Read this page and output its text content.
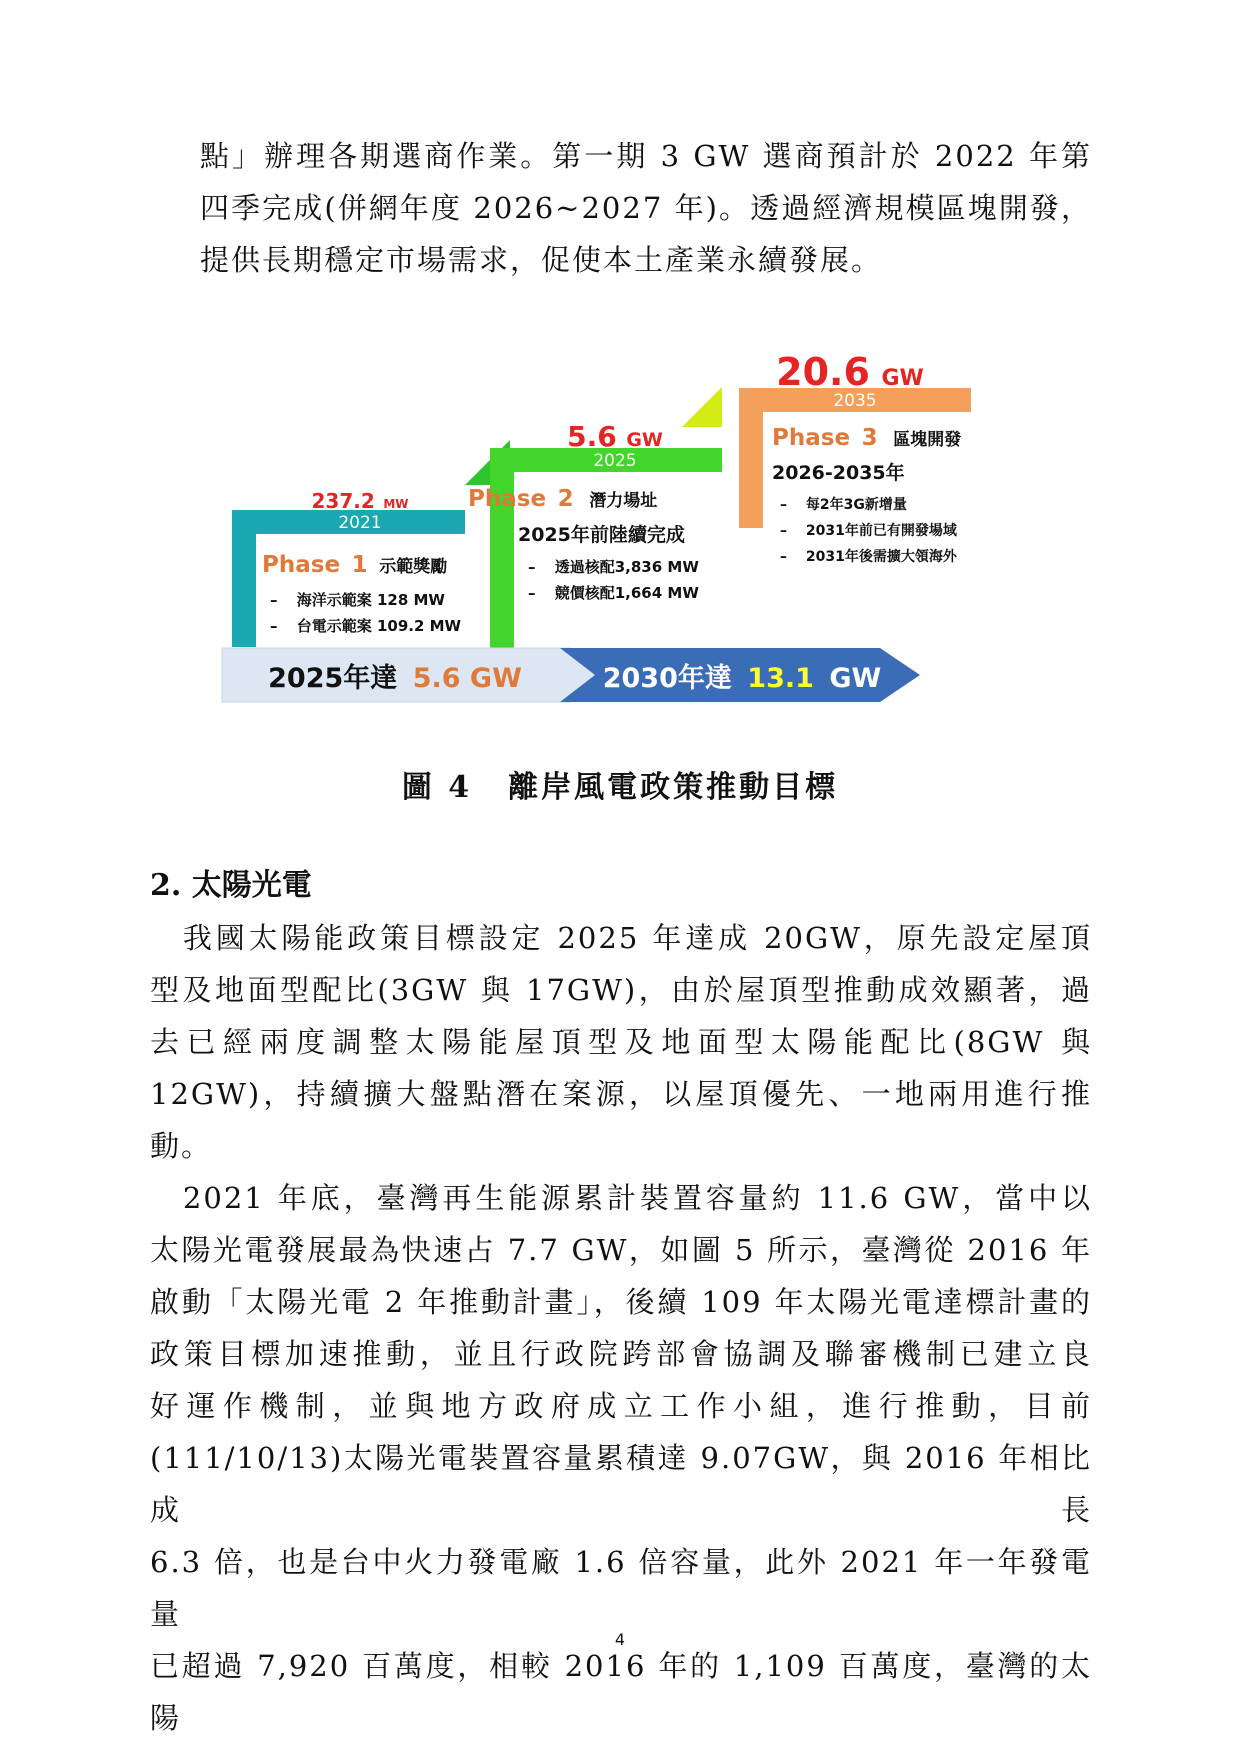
點」辦理各期選商作業。第一期 3 GW 選商預計於 2022 年第
四季完成(併網年度 2026~2027 年)。透過經濟規模區塊開發，
提供長期穩定市場需求，促使本土產業永續發展。
2021
2025
2035
237.2 MW
5.6 GW
20.6 GW
Phase 1 示範獎勵
– 海洋示範案 128 MW
– 台電示範案 109.2 MW
Phase 2 潛力場址
2025年前陸續完成
– 透過核配3,836 MW
– 競價核配1,664 MW
Phase 3 區塊開發
2026-2035年
– 每2年3G新增量
– 2031年前已有開發場域
– 2031年後需擴大領海外
2025年達 5.6 GW	2030年達 13.1 GW
圖 4 離岸風電政策推動目標
2. 太陽光電
　我國太陽能政策目標設定 2025 年達成 20GW，原先設定屋頂
型及地面型配比(3GW 與 17GW)，由於屋頂型推動成效顯著，過
去已經兩度調整太陽能屋頂型及地面型太陽能配比(8GW 與
12GW)，持續擴大盤點潛在案源，以屋頂優先、一地兩用進行推
動。
　2021 年底，臺灣再生能源累計裝置容量約 11.6 GW，當中以
太陽光電發展最為快速占 7.7 GW，如圖 5 所示，臺灣從 2016 年
啟動「太陽光電 2 年推動計畫」，後續 109 年太陽光電達標計畫的
政策目標加速推動，並且行政院跨部會協調及聯審機制已建立良
好運作機制，並與地方政府成立工作小組，進行推動，目前
(111/10/13)太陽光電裝置容量累積達 9.07GW，與 2016 年相比成長
6.3 倍，也是台中火力發電廠 1.6 倍容量，此外 2021 年一年發電量
已超過 7,920 百萬度，相較 2016 年的 1,109 百萬度，臺灣的太陽
4
